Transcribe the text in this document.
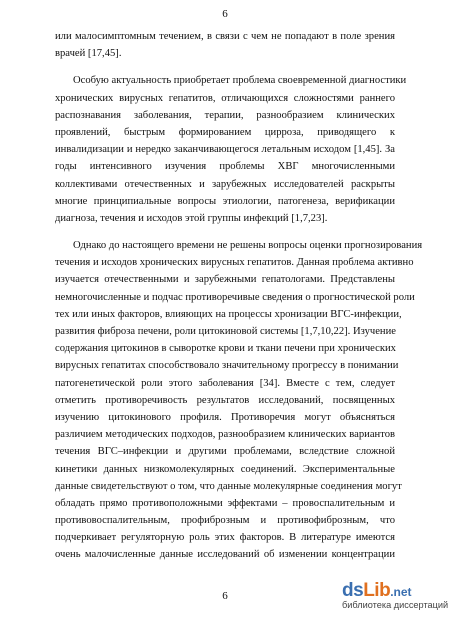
6
или малосимптомным течением, в связи с чем не попадают в поле зрения
врачей [17,45].
Особую актуальность приобретает проблема своевременной диагностики
хронических вирусных гепатитов, отличающихся сложностями раннего
распознавания заболевания, терапии, разнообразием клинических
проявлений, быстрым формированием цирроза, приводящего к
инвалидизации и нередко заканчивающегося летальным исходом [1,45]. За
годы интенсивного изучения проблемы ХВГ многочисленными
коллективами отечественных и зарубежных исследователей раскрыты
многие принципиальные вопросы этиологии, патогенеза, верификации
диагноза, течения и исходов этой группы инфекций [1,7,23].
Однако до настоящего времени не решены вопросы оценки прогнозирования
течения и исходов хронических вирусных гепатитов. Данная проблема активно
изучается отечественными и зарубежными гепатологами. Представлены
немногочисленные и подчас противоречивые сведения о прогностической роли
тех или иных факторов, влияющих на процессы хронизации ВГС-инфекции,
развития фиброза печени, роли цитокиновой системы [1,7,10,22]. Изучение
содержания цитокинов в сыворотке крови и ткани печени при хронических
вирусных гепатитах способствовало значительному прогрессу в понимании
патогенетической роли этого заболевания [34]. Вместе с тем, следует
отметить противоречивость результатов исследований, посвященных
изучению цитокинового профиля. Противоречия могут объясняться
различием методических подходов, разнообразием клинических вариантов
течения ВГС–инфекции и другими проблемами, вследствие сложной
кинетики данных низкомолекулярных соединений. Экспериментальные
данные свидетельствуют о том, что данные молекулярные соединения могут
обладать прямо противоположными эффектами – провоспалительным и
противовоспалительным, профиброзным и противофиброзным, что
подчеркивает регуляторную роль этих факторов. В литературе имеются
очень малочисленные данные исследований об изменении концентрации
6	ds Lib .net
библиотека диссертаций
